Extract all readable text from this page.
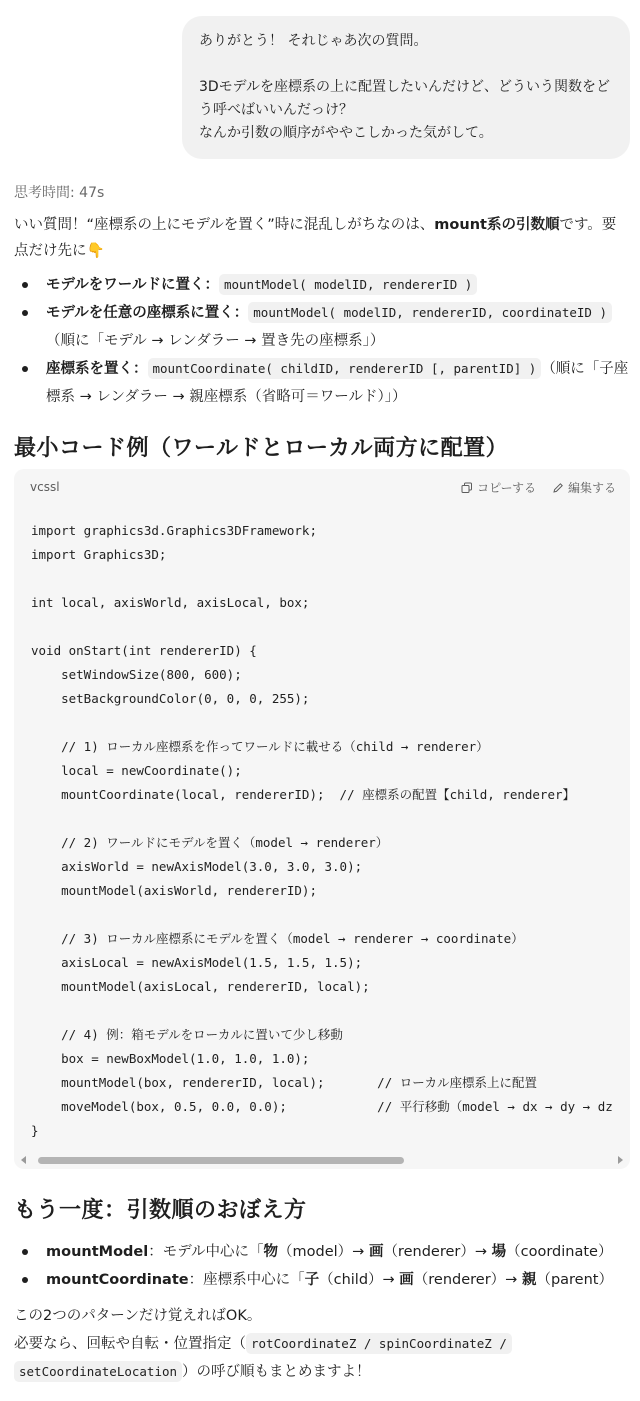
ありがとう！ それじゃあ次の質問。

3Dモデルを座標系の上に配置したいんだけど、どういう関数をどう呼べばいいんだっけ？

なんか引数の順序がややこしかった気がして。

思考時間: 47s
いい質問！“座標系の上にモデルを置く”時に混乱しがちなのは、mount系の引数順です。要点だけ先に👇
モデルをワールドに置く： mountModel( modelID, rendererID )
モデルを任意の座標系に置く： mountModel( modelID, rendererID, coordinateID ) （順に「モデル → レンダラー → 置き先の座標系」）
座標系を置く： mountCoordinate( childID, rendererID [, parentID] ) （順に「子座標系 → レンダラー → 親座標系（省略可＝ワールド）」）
最小コード例（ワールドとローカル両方に配置）
vcssl	コピーする	編集する
import graphics3d.Graphics3DFramework;
import Graphics3D;

int local, axisWorld, axisLocal, box;

void onStart(int rendererID) {
setWindowSize(800, 600);
setBackgroundColor(0, 0, 0, 255);

// 1) ローカル座標系を作ってワールドに載せる（child → renderer）
local = newCoordinate();
mountCoordinate(local, rendererID);  // 座標系の配置【child, renderer】

// 2) ワールドにモデルを置く（model → renderer）
axisWorld = newAxisModel(3.0, 3.0, 3.0);
mountModel(axisWorld, rendererID);

// 3) ローカル座標系にモデルを置く（model → renderer → coordinate）
axisLocal = newAxisModel(1.5, 1.5, 1.5);
mountModel(axisLocal, rendererID, local);

// 4) 例：箱モデルをローカルに置いて少し移動
box = newBoxModel(1.0, 1.0, 1.0);
mountModel(box, rendererID, local);       // ローカル座標系上に配置
moveModel(box, 0.5, 0.0, 0.0);            // 平行移動（model → dx → dy → dz
}
もう一度：引数順のおぼえ方
mountModel：モデル中心に「物（model）→ 画（renderer）→ 場（coordinate）
mountCoordinate：座標系中心に「子（child）→ 画（renderer）→ 親（parent）

この2つのパターンだけ覚えればOK。

必要なら、回転や自転・位置指定（ rotCoordinateZ / spinCoordinateZ /

setCoordinateLocation ）の呼び順もまとめますよ！
